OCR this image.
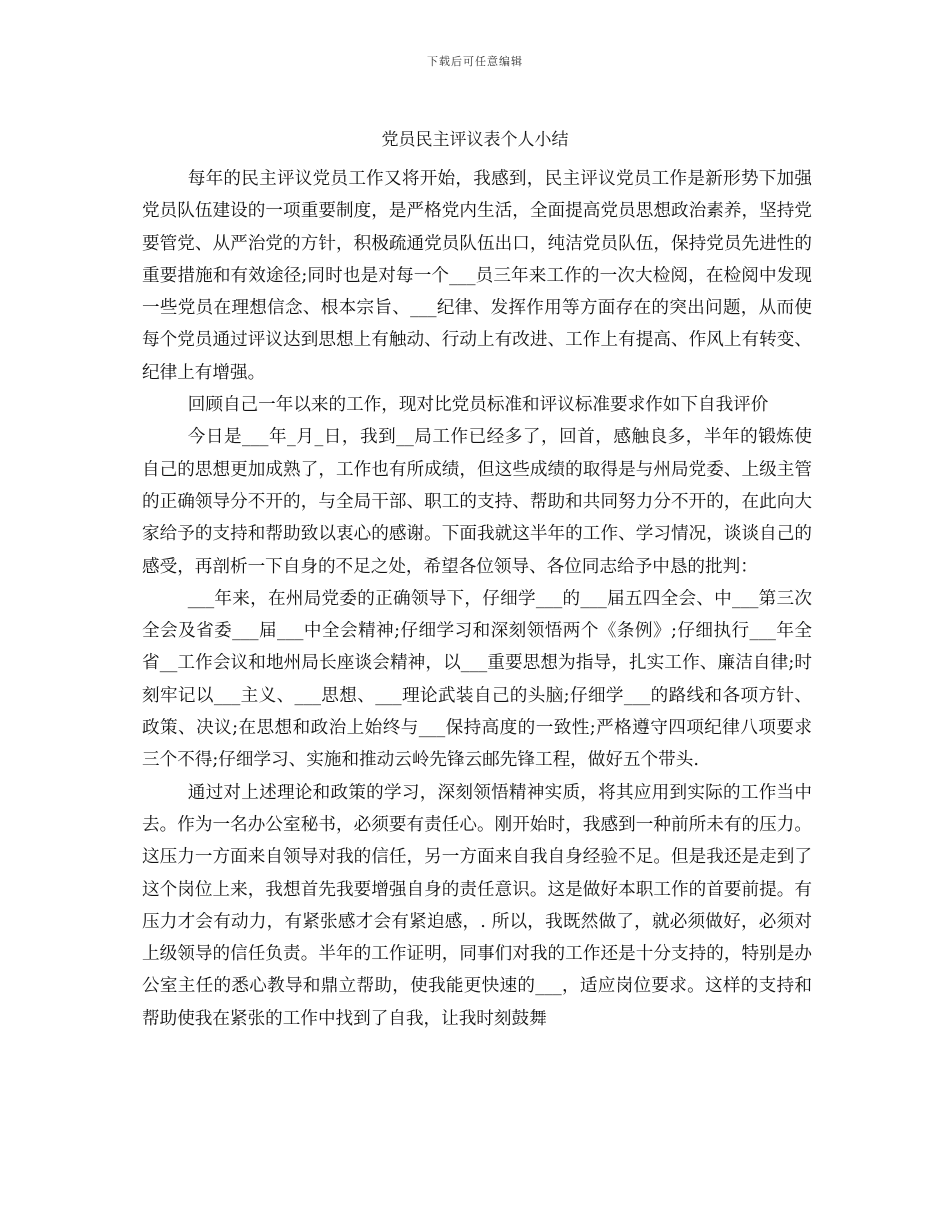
下载后可任意编辑
党员民主评议表个人小结

每年的民主评议党员工作又将开始，我感到，民主评议党员工作是新形势下加强党员队伍建设的一项重要制度，是严格党内生活，全面提高党员思想政治素养，坚持党要管党、从严治党的方针，积极疏通党员队伍出口，纯洁党员队伍，保持党员先进性的重要措施和有效途径;同时也是对每一个___员三年来工作的一次大检阅，在检阅中发现一些党员在理想信念、根本宗旨、___纪律、发挥作用等方面存在的突出问题，从而使每个党员通过评议达到思想上有触动、行动上有改进、工作上有提高、作风上有转变、纪律上有增强。

回顾自己一年以来的工作，现对比党员标准和评议标准要求作如下自我评价

今日是___年_月_日，我到__局工作已经多了，回首，感触良多，半年的锻炼使自己的思想更加成熟了，工作也有所成绩，但这些成绩的取得是与州局党委、上级主管的正确领导分不开的，与全局干部、职工的支持、帮助和共同努力分不开的，在此向大家给予的支持和帮助致以衷心的感谢。下面我就这半年的工作、学习情况，谈谈自己的感受，再剖析一下自身的不足之处，希望各位领导、各位同志给予中恳的批判：

___年来，在州局党委的正确领导下，仔细学___的___届五四全会、中___第三次全会及省委___届___中全会精神;仔细学习和深刻领悟两个《条例》;仔细执行___年全省__工作会议和地州局长座谈会精神，以___重要思想为指导，扎实工作、廉洁自律;时刻牢记以___主义、___思想、___理论武装自己的头脑;仔细学___的路线和各项方针、政策、决议;在思想和政治上始终与___保持高度的一致性;严格遵守四项纪律八项要求三个不得;仔细学习、实施和推动云岭先锋云邮先锋工程，做好五个带头.

通过对上述理论和政策的学习，深刻领悟精神实质，将其应用到实际的工作当中去。作为一名办公室秘书，必须要有责任心。刚开始时，我感到一种前所未有的压力。这压力一方面来自领导对我的信任，另一方面来自我自身经验不足。但是我还是走到了这个岗位上来，我想首先我要增强自身的责任意识。这是做好本职工作的首要前提。有压力才会有动力，有紧张感才会有紧迫感，. 所以，我既然做了，就必须做好，必须对上级领导的信任负责。半年的工作证明，同事们对我的工作还是十分支持的，特别是办公室主任的悉心教导和鼎立帮助，使我能更快速的___，适应岗位要求。这样的支持和帮助使我在紧张的工作中找到了自我，让我时刻鼓舞
